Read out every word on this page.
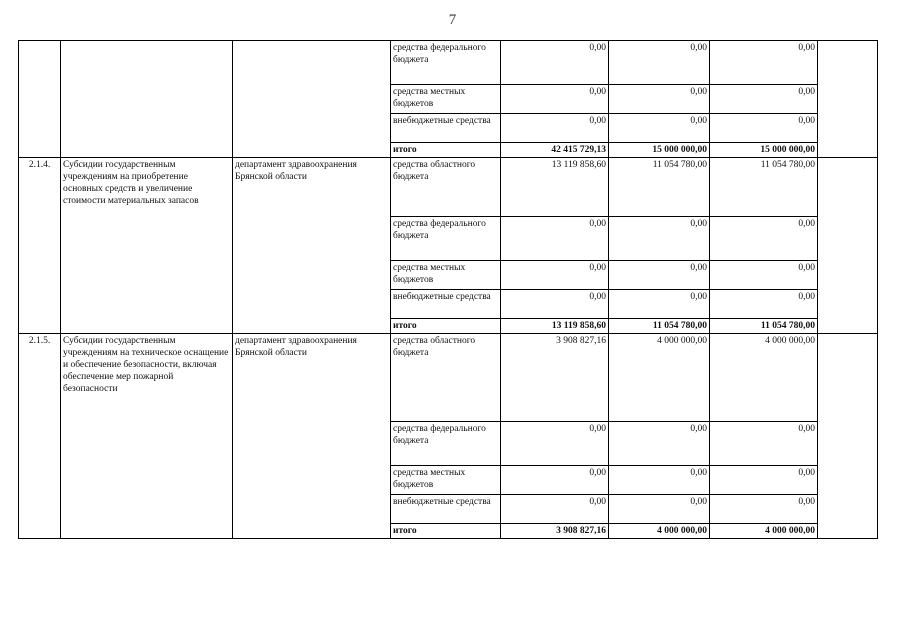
7
			средства федерального бюджета	0,00	0,00	0,00	
			средства местных бюджетов	0,00	0,00	0,00	
			внебюджетные средства	0,00	0,00	0,00	
			итого	42 415 729,13	15 000 000,00	15 000 000,00	
2.1.4.	Субсидии государственным учреждениям на приобретение основных средств и увеличение стоимости материальных запасов	департамент здравоохранения Брянской области	средства областного бюджета	13 119 858,60	11 054 780,00	11 054 780,00	
			средства федерального бюджета	0,00	0,00	0,00	
			средства местных бюджетов	0,00	0,00	0,00	
			внебюджетные средства	0,00	0,00	0,00	
			итого	13 119 858,60	11 054 780,00	11 054 780,00	
2.1.5.	Субсидии государственным учреждениям на техническое оснащение и обеспечение безопасности, включая обеспечение мер пожарной безопасности	департамент здравоохранения Брянской области	средства областного бюджета	3 908 827,16	4 000 000,00	4 000 000,00	
			средства федерального бюджета	0,00	0,00	0,00	
			средства местных бюджетов	0,00	0,00	0,00	
			внебюджетные средства	0,00	0,00	0,00	
			итого	3 908 827,16	4 000 000,00	4 000 000,00	
